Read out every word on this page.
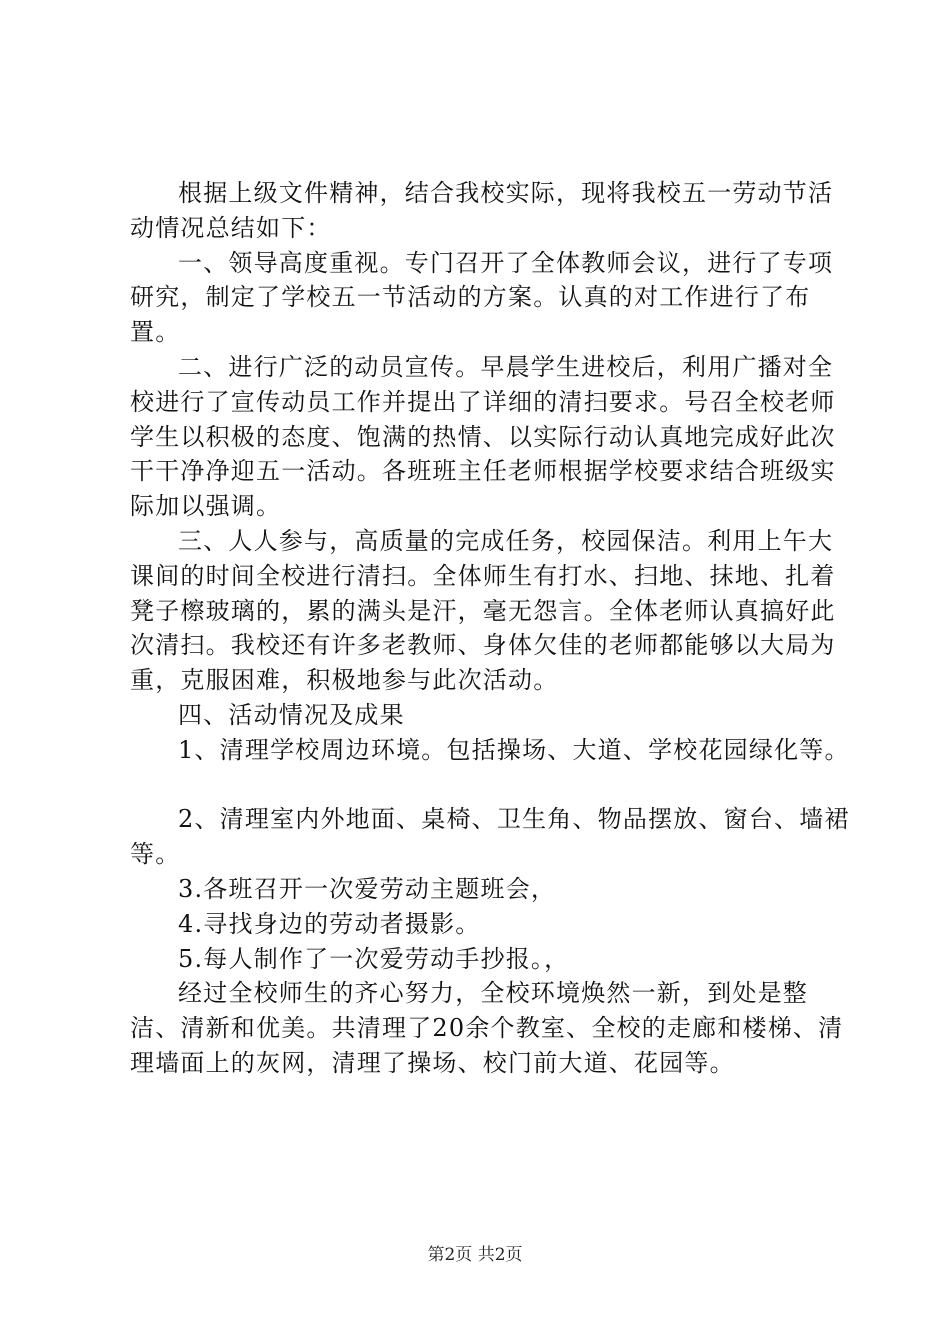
根据上级文件精神，结合我校实际，现将我校五一劳动节活动情况总结如下：

一、领导高度重视。专门召开了全体教师会议，进行了专项研究，制定了学校五一节活动的方案。认真的对工作进行了布置。

二、进行广泛的动员宣传。早晨学生进校后，利用广播对全校进行了宣传动员工作并提出了详细的清扫要求。号召全校老师学生以积极的态度、饱满的热情、以实际行动认真地完成好此次干干净净迎五一活动。各班班主任老师根据学校要求结合班级实际加以强调。

三、人人参与，高质量的完成任务，校园保洁。利用上午大课间的时间全校进行清扫。全体师生有打水、扫地、抹地、扎着凳子檫玻璃的，累的满头是汗，毫无怨言。全体老师认真搞好此次清扫。我校还有许多老教师、身体欠佳的老师都能够以大局为重，克服困难，积极地参与此次活动。

四、活动情况及成果

1、清理学校周边环境。包括操场、大道、学校花园绿化等。

2、清理室内外地面、桌椅、卫生角、物品摆放、窗台、墙裙等。

3.各班召开一次爱劳动主题班会，

4.寻找身边的劳动者摄影。

5.每人制作了一次爱劳动手抄报。，

经过全校师生的齐心努力，全校环境焕然一新，到处是整洁、清新和优美。共清理了20余个教室、全校的走廊和楼梯、清理墙面上的灰网，清理了操场、校门前大道、花园等。

第2页 共2页
